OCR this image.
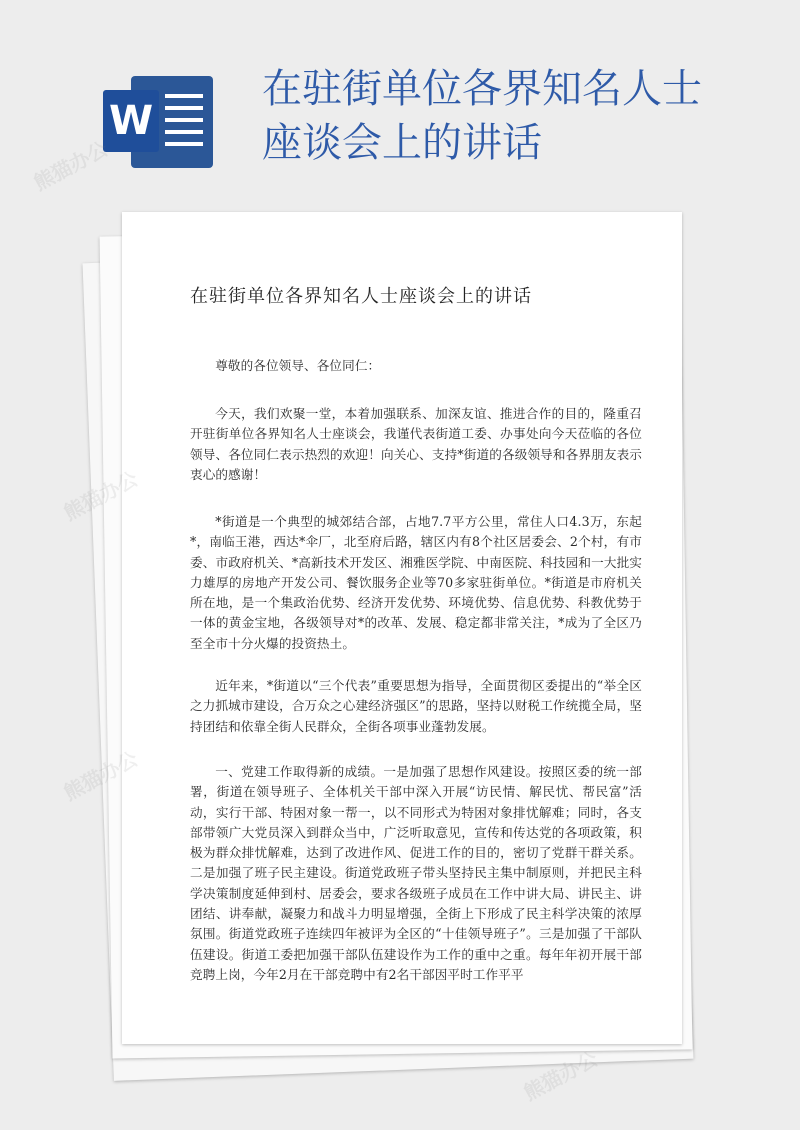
W
在驻街单位各界知名人士座谈会上的讲话
在驻街单位各界知名人士座谈会上的讲话

尊敬的各位领导、各位同仁：

今天，我们欢聚一堂，本着加强联系、加深友谊、推进合作的目的，隆重召开驻街单位各界知名人士座谈会，我谨代表街道工委、办事处向今天莅临的各位领导、各位同仁表示热烈的欢迎！向关心、支持*街道的各级领导和各界朋友表示衷心的感谢！

*街道是一个典型的城郊结合部，占地7.7平方公里，常住人口4.3万，东起*，南临王港，西达*伞厂，北至府后路，辖区内有8个社区居委会、2个村，有市委、市政府机关、*高新技术开发区、湘雅医学院、中南医院、科技园和一大批实力雄厚的房地产开发公司、餐饮服务企业等70多家驻街单位。*街道是市府机关所在地，是一个集政治优势、经济开发优势、环境优势、信息优势、科教优势于一体的黄金宝地，各级领导对*的改革、发展、稳定都非常关注，*成为了全区乃至全市十分火爆的投资热土。

近年来，*街道以“三个代表”重要思想为指导，全面贯彻区委提出的“举全区之力抓城市建设，合万众之心建经济强区”的思路，坚持以财税工作统揽全局，坚持团结和依靠全街人民群众，全街各项事业蓬勃发展。

一、党建工作取得新的成绩。一是加强了思想作风建设。按照区委的统一部署，街道在领导班子、全体机关干部中深入开展“访民情、解民忧、帮民富”活动，实行干部、特困对象一帮一，以不同形式为特困对象排忧解难；同时，各支部带领广大党员深入到群众当中，广泛听取意见，宣传和传达党的各项政策，积极为群众排忧解难，达到了改进作风、促进工作的目的，密切了党群干群关系。二是加强了班子民主建设。街道党政班子带头坚持民主集中制原则，并把民主科学决策制度延伸到村、居委会，要求各级班子成员在工作中讲大局、讲民主、讲团结、讲奉献，凝聚力和战斗力明显增强，全街上下形成了民主科学决策的浓厚氛围。街道党政班子连续四年被评为全区的“十佳领导班子”。三是加强了干部队伍建设。街道工委把加强干部队伍建设作为工作的重中之重。每年年初开展干部竞聘上岗，今年2月在干部竞聘中有2名干部因平时工作平平

熊猫办公
熊猫办公
熊猫办公
